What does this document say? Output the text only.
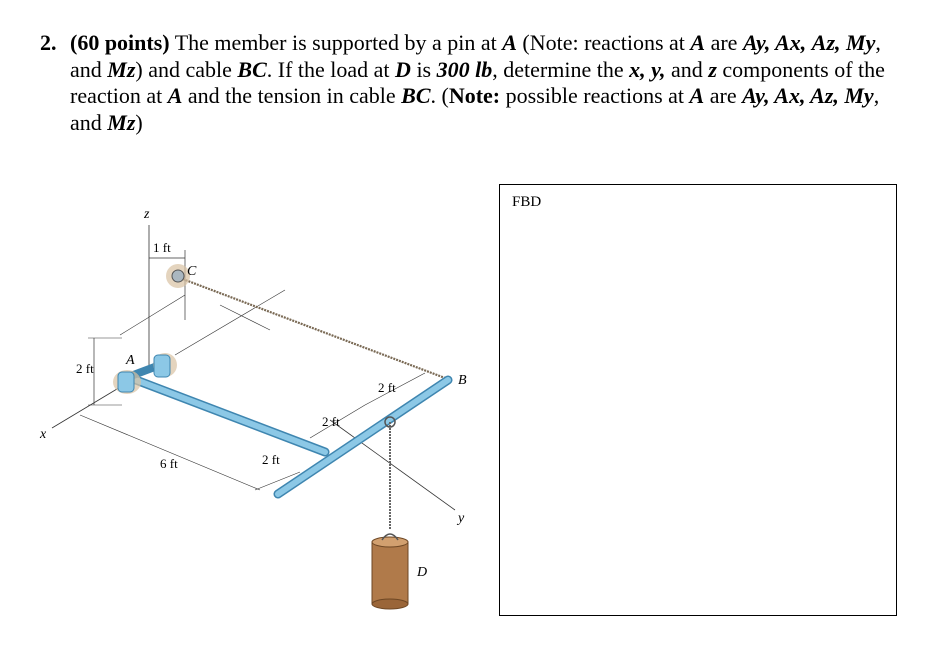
2. (60 points) The member is supported by a pin at A (Note: reactions at A are Ay, Ax, Az, My, and Mz) and cable BC. If the load at D is 300 lb, determine the x, y, and z components of the reaction at A and the tension in cable BC. (Note: possible reactions at A are Ay, Ax, Az, My, and Mz)
z
x
y
1 ft
2 ft
A
C
B
6 ft	2 ft
2 ft
2 ft
D
FBD
